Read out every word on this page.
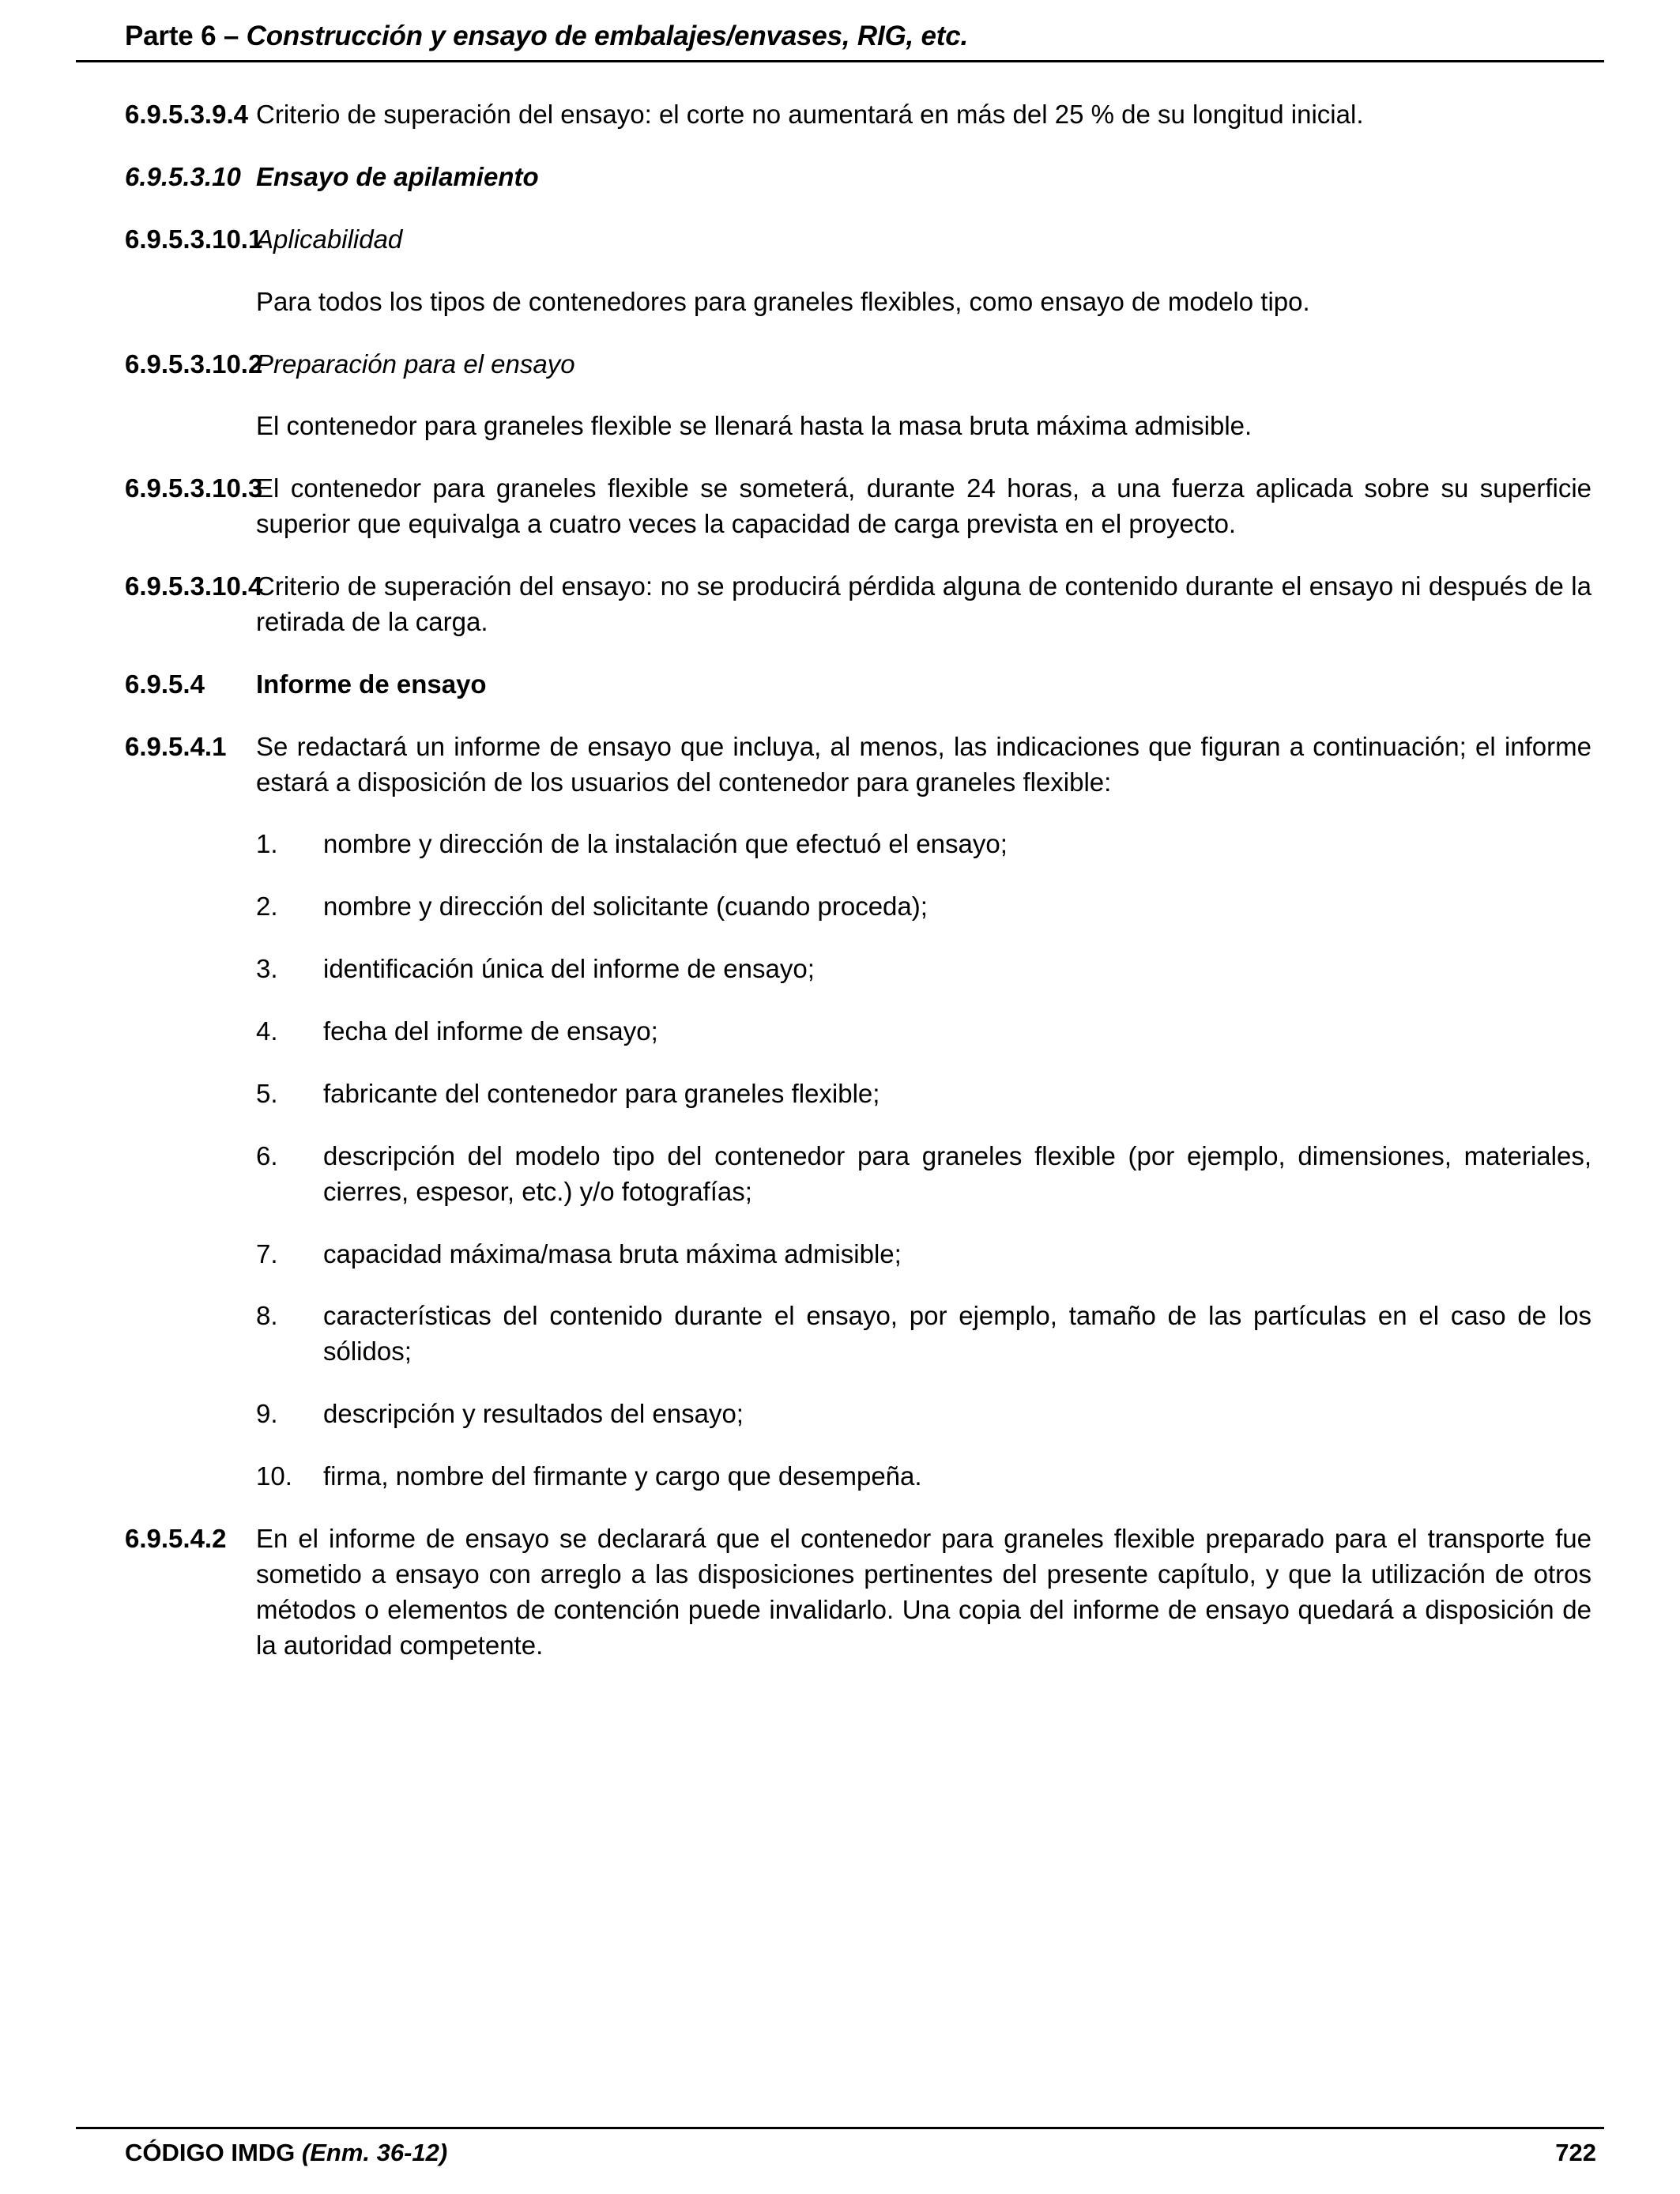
Parte 6 – Construcción y ensayo de embalajes/envases, RIG, etc.
6.9.5.3.9.4 Criterio de superación del ensayo: el corte no aumentará en más del 25 % de su longitud inicial.
6.9.5.3.10 Ensayo de apilamiento
6.9.5.3.10.1
Aplicabilidad
Para todos los tipos de contenedores para graneles flexibles, como ensayo de modelo tipo.
6.9.5.3.10.2
Preparación para el ensayo
El contenedor para graneles flexible se llenará hasta la masa bruta máxima admisible.
6.9.5.3.10.3
El contenedor para graneles flexible se someterá, durante 24 horas, a una fuerza aplicada sobre su superficie superior que equivalga a cuatro veces la capacidad de carga prevista en el proyecto.
6.9.5.3.10.4
Criterio de superación del ensayo: no se producirá pérdida alguna de contenido durante el ensayo ni después de la retirada de la carga.
6.9.5.4	Informe de ensayo
6.9.5.4.1	Se redactará un informe de ensayo que incluya, al menos, las indicaciones que figuran a continuación; el informe estará a disposición de los usuarios del contenedor para graneles flexible:
1.	nombre y dirección de la instalación que efectuó el ensayo;
2.	nombre y dirección del solicitante (cuando proceda);
3.	identificación única del informe de ensayo;
4.	fecha del informe de ensayo;
5.	fabricante del contenedor para graneles flexible;
6.	descripción del modelo tipo del contenedor para graneles flexible (por ejemplo, dimensiones, materiales, cierres, espesor, etc.) y/o fotografías;
7.	capacidad máxima/masa bruta máxima admisible;
8.	características del contenido durante el ensayo, por ejemplo, tamaño de las partículas en el caso de los sólidos;
9.	descripción y resultados del ensayo;
10.	firma, nombre del firmante y cargo que desempeña.
6.9.5.4.2	En el informe de ensayo se declarará que el contenedor para graneles flexible preparado para el transporte fue sometido a ensayo con arreglo a las disposiciones pertinentes del presente capítulo, y que la utilización de otros métodos o elementos de contención puede invalidarlo. Una copia del informe de ensayo quedará a disposición de la autoridad competente.
CÓDIGO IMDG (Enm. 36-12)	722
